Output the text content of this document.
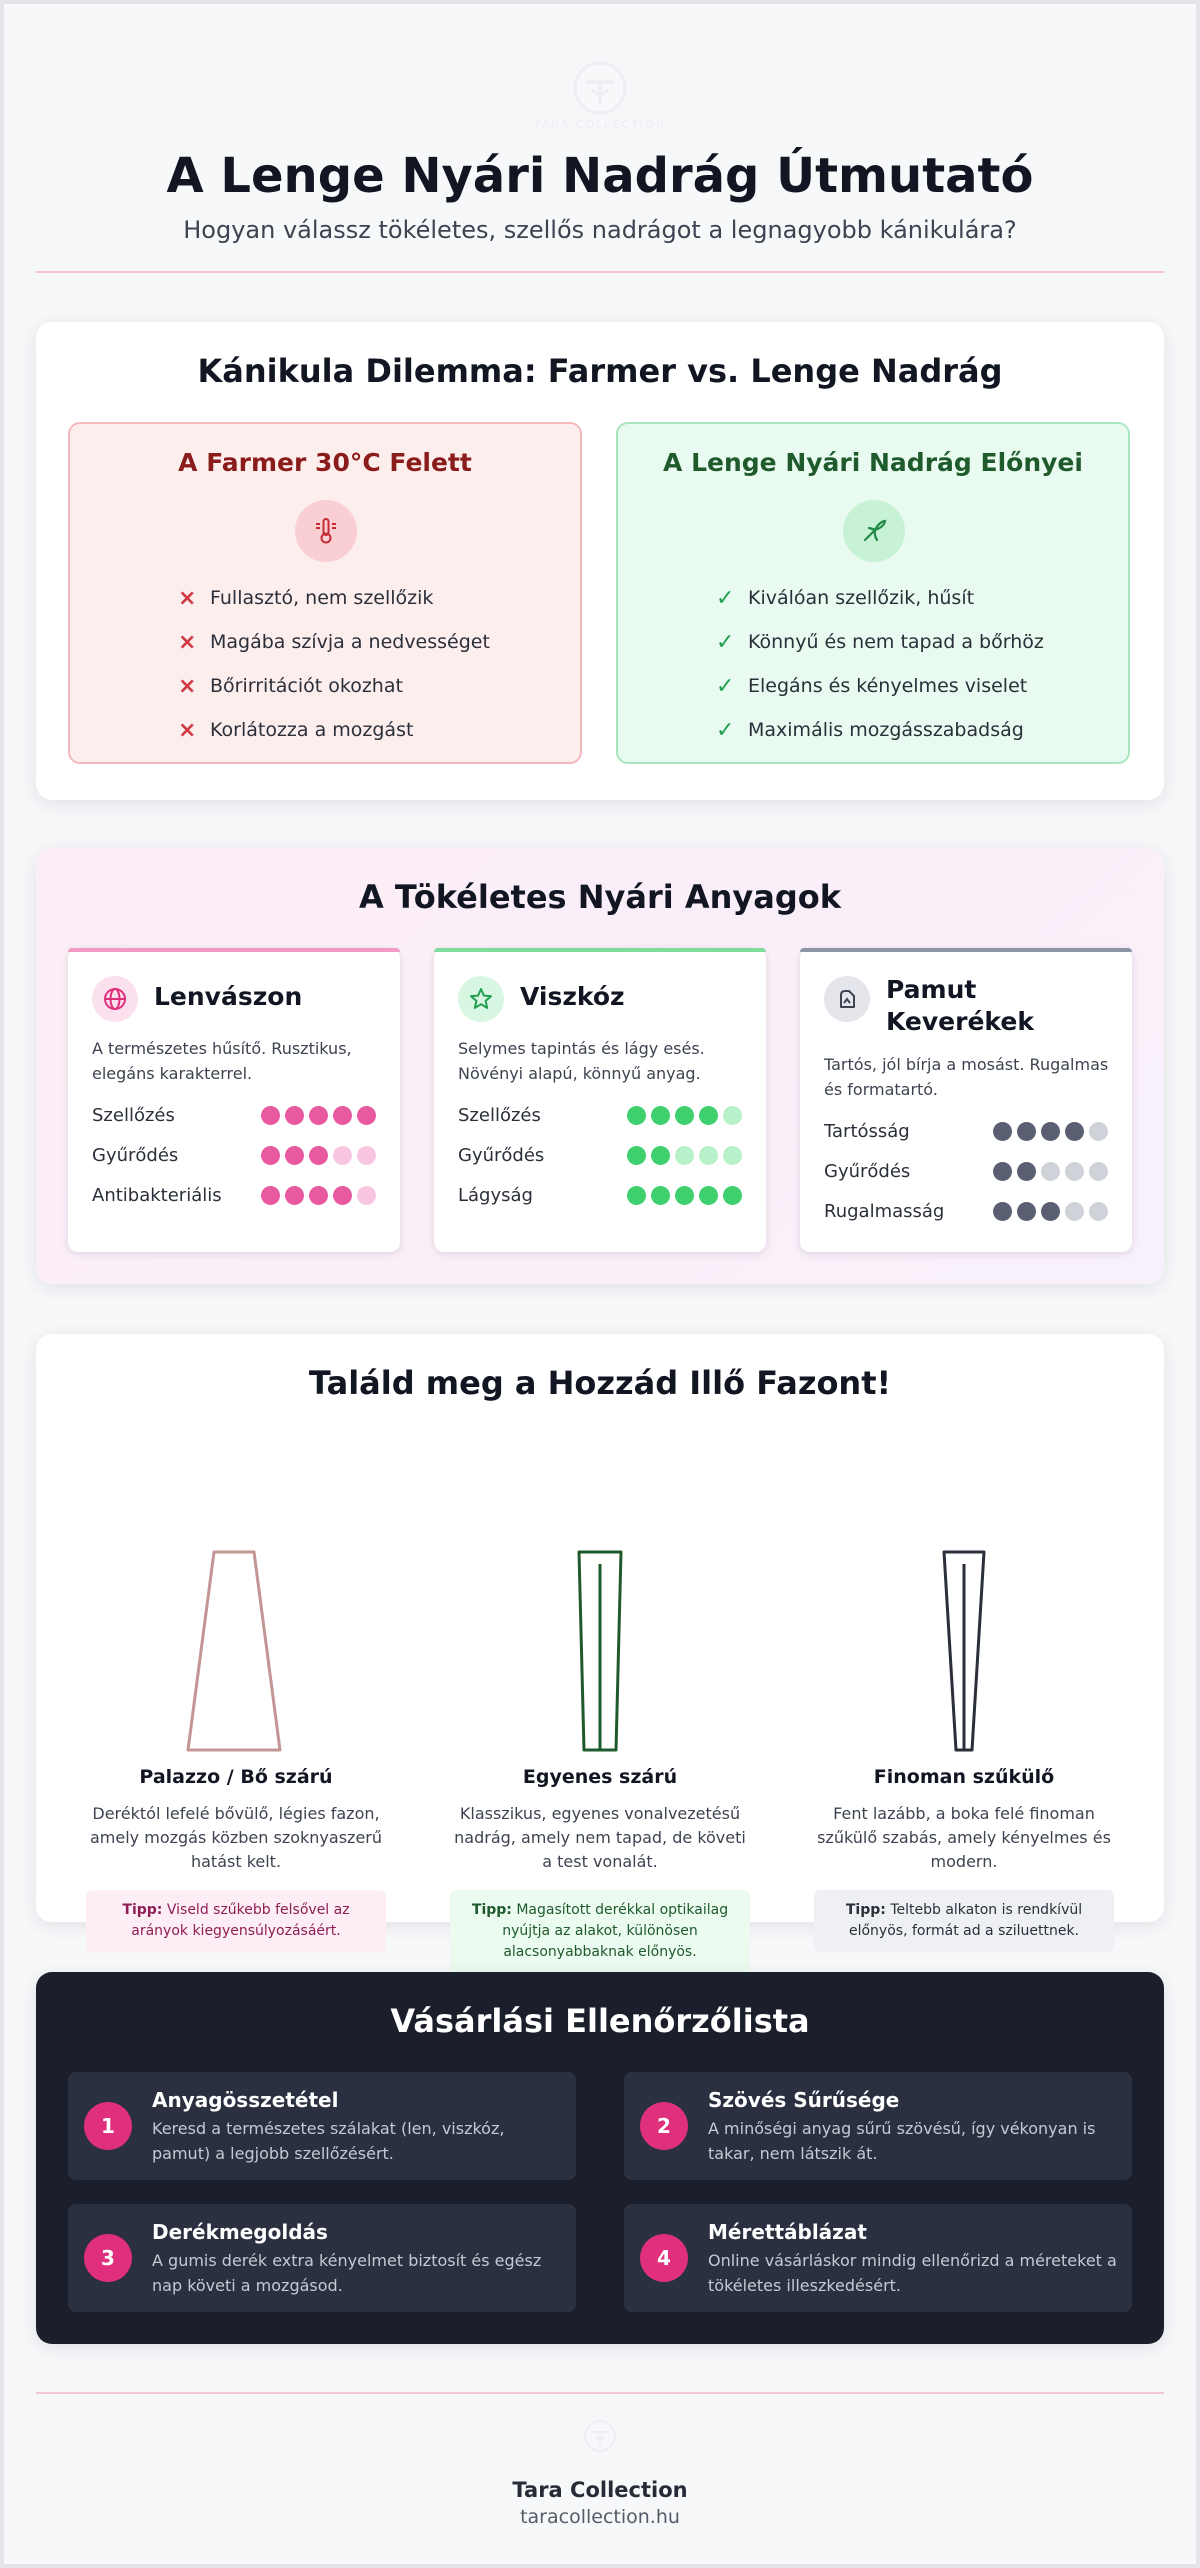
TARA COLLECTION
A Lenge Nyári Nadrág Útmutató
Hogyan válassz tökéletes, szellős nadrágot a legnagyobb kánikulára?
Kánikula Dilemma: Farmer vs. Lenge Nadrág
A Farmer 30°C Felett
× Fullasztó, nem szellőzik
× Magába szívja a nedvességet
× Bőrirritációt okozhat
× Korlátozza a mozgást
A Lenge Nyári Nadrág Előnyei
✓ Kiválóan szellőzik, hűsít
✓ Könnyű és nem tapad a bőrhöz
✓ Elegáns és kényelmes viselet
✓ Maximális mozgásszabadság
A Tökéletes Nyári Anyagok
Lenvászon
A természetes hűsítő. Rusztikus, elegáns karakterrel.
Szellőzés
Gyűrődés
Antibakteriális
Viszkóz
Selymes tapintás és lágy esés. Növényi alapú, könnyű anyag.
Szellőzés
Gyűrődés
Lágyság
Pamut Keverékek
Tartós, jól bírja a mosást. Rugalmas és formatartó.
Tartósság
Gyűrődés
Rugalmasság
Találd meg a Hozzád Illő Fazont!
Palazzo / Bő szárú
Deréktól lefelé bővülő, légies fazon, amely mozgás közben szoknyaszerű hatást kelt.
Tipp: Viseld szűkebb felsővel az arányok kiegyensúlyozásáért.
Egyenes szárú
Klasszikus, egyenes vonalvezetésű nadrág, amely nem tapad, de követi a test vonalát.
Tipp: Magasított derékkal optikailag nyújtja az alakot, különösen alacsonyabbaknak előnyös.
Finoman szűkülő
Fent lazább, a boka felé finoman szűkülő szabás, amely kényelmes és modern.
Tipp: Teltebb alkaton is rendkívül előnyös, formát ad a sziluettnek.
Vásárlási Ellenőrzőlista
1
Anyagösszetétel
Keresd a természetes szálakat (len, viszkóz, pamut) a legjobb szellőzésért.
2
Szövés Sűrűsége
A minőségi anyag sűrű szövésű, így vékonyan is takar, nem látszik át.
3
Derékmegoldás
A gumis derék extra kényelmet biztosít és egész nap követi a mozgásod.
4
Mérettáblázat
Online vásárláskor mindig ellenőrizd a méreteket a tökéletes illeszkedésért.
Tara Collection
taracollection.hu
